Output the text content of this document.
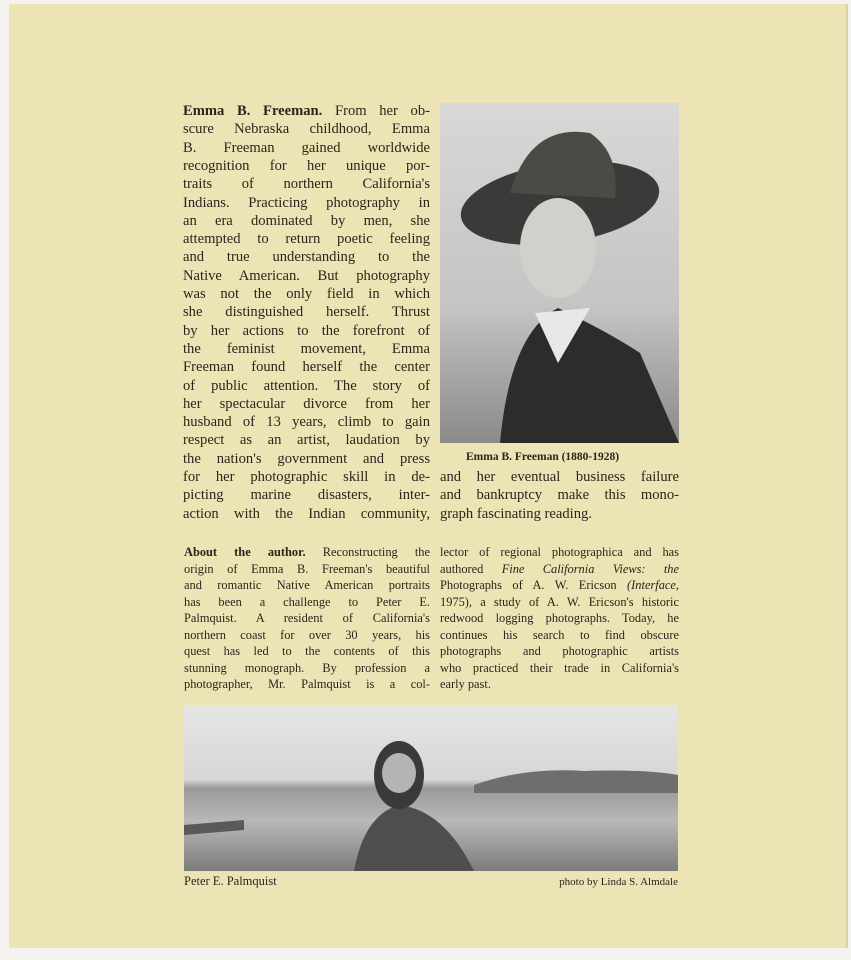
Emma B. Freeman. From her ob-
scure Nebraska childhood, Emma
B. Freeman gained worldwide
recognition for her unique por-
traits of northern California's
Indians. Practicing photography in
an era dominated by men, she
attempted to return poetic feeling
and true understanding to the
Native American. But photography
was not the only field in which
she distinguished herself. Thrust
by her actions to the forefront of
the feminist movement, Emma
Freeman found herself the center
of public attention. The story of
her spectacular divorce from her
husband of 13 years, climb to gain
respect as an artist, laudation by
the nation's government and press
for her photographic skill in de-
picting marine disasters, inter-
action with the Indian community,
and her eventual business failure
and bankruptcy make this mono-
graph fascinating reading.
Emma B. Freeman (1880-1928)
About the author. Reconstructing the
origin of Emma B. Freeman's beautiful
and romantic Native American portraits
has been a challenge to Peter E.
Palmquist. A resident of California's
northern coast for over 30 years, his
quest has led to the contents of this
stunning monograph. By profession a
photographer, Mr. Palmquist is a col-
lector of regional photographica and has
authored Fine California Views: the
Photographs of A. W. Ericson (Interface,
1975), a study of A. W. Ericson's historic
redwood logging photographs. Today, he
continues his search to find obscure
photographs and photographic artists
who practiced their trade in California's
early past.
Peter E. Palmquist	photo by Linda S. Almdale
